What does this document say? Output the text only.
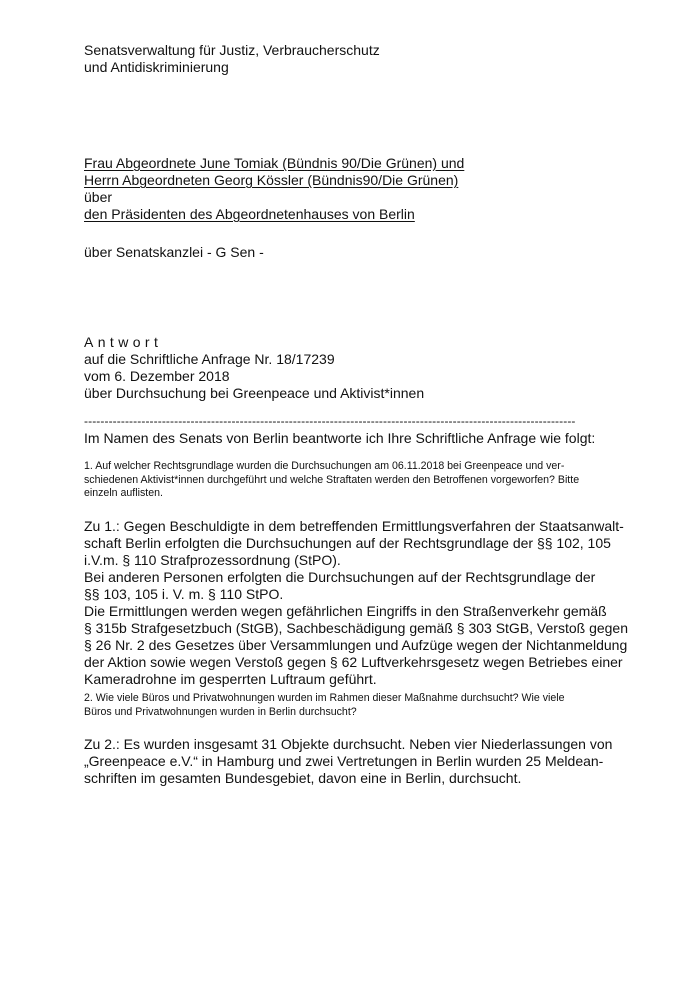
Senatsverwaltung für Justiz, Verbraucherschutz
und Antidiskriminierung
Frau Abgeordnete June Tomiak (Bündnis 90/Die Grünen) und
Herrn Abgeordneten Georg Kössler (Bündnis90/Die Grünen)
über
den Präsidenten des Abgeordnetenhauses von Berlin
über Senatskanzlei - G Sen -
Antwort
auf die Schriftliche Anfrage Nr. 18/17239
vom 6. Dezember 2018
über Durchsuchung bei Greenpeace und Aktivist*innen
------------------------------------------------------------------------------------------------------------------------
Im Namen des Senats von Berlin beantworte ich Ihre Schriftliche Anfrage wie folgt:
1. Auf welcher Rechtsgrundlage wurden die Durchsuchungen am 06.11.2018 bei Greenpeace und ver-
schiedenen Aktivist*innen durchgeführt und welche Straftaten werden den Betroffenen vorgeworfen? Bitte
einzeln auflisten.
Zu 1.: Gegen Beschuldigte in dem betreffenden Ermittlungsverfahren der Staatsanwalt-
schaft Berlin erfolgten die Durchsuchungen auf der Rechtsgrundlage der §§ 102, 105
i.V.m. § 110 Strafprozessordnung (StPO).
Bei anderen Personen erfolgten die Durchsuchungen auf der Rechtsgrundlage der
§§ 103, 105 i. V. m. § 110 StPO.
Die Ermittlungen werden wegen gefährlichen Eingriffs in den Straßenverkehr gemäß
§ 315b Strafgesetzbuch (StGB), Sachbeschädigung gemäß § 303 StGB, Verstoß gegen
§ 26 Nr. 2 des Gesetzes über Versammlungen und Aufzüge wegen der Nichtanmeldung
der Aktion sowie wegen Verstoß gegen § 62 Luftverkehrsgesetz wegen Betriebes einer
Kameradrohne im gesperrten Luftraum geführt.
2. Wie viele Büros und Privatwohnungen wurden im Rahmen dieser Maßnahme durchsucht? Wie viele
Büros und Privatwohnungen wurden in Berlin durchsucht?
Zu 2.: Es wurden insgesamt 31 Objekte durchsucht. Neben vier Niederlassungen von
„Greenpeace e.V.“ in Hamburg und zwei Vertretungen in Berlin wurden 25 Meldean-
schriften im gesamten Bundesgebiet, davon eine in Berlin, durchsucht.
